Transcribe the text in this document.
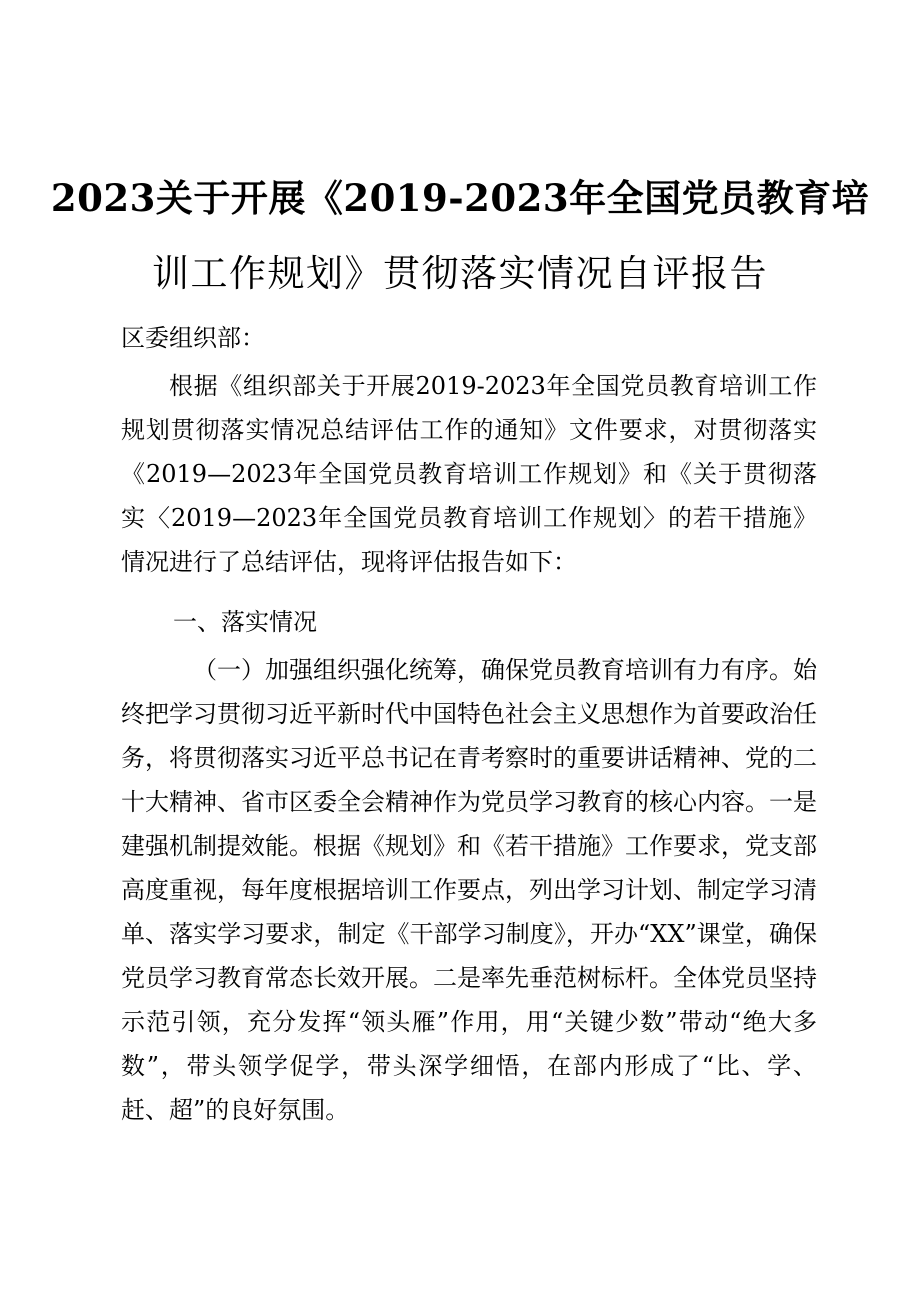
2023关于开展《2019-2023年全国党员教育培
训工作规划》贯彻落实情况自评报告
区委组织部：
根据《组织部关于开展2019-2023年全国党员教育培训工作规划贯彻落实情况总结评估工作的通知》文件要求，对贯彻落实《2019—2023年全国党员教育培训工作规划》和《关于贯彻落实〈2019—2023年全国党员教育培训工作规划〉的若干措施》情况进行了总结评估，现将评估报告如下：
一、落实情况
（一）加强组织强化统筹，确保党员教育培训有力有序。始终把学习贯彻习近平新时代中国特色社会主义思想作为首要政治任务，将贯彻落实习近平总书记在青考察时的重要讲话精神、党的二十大精神、省市区委全会精神作为党员学习教育的核心内容。一是建强机制提效能。根据《规划》和《若干措施》工作要求，党支部高度重视，每年度根据培训工作要点，列出学习计划、制定学习清单、落实学习要求，制定《干部学习制度》，开办“XX”课堂，确保党员学习教育常态长效开展。二是率先垂范树标杆。全体党员坚持示范引领，充分发挥“领头雁”作用，用“关键少数”带动“绝大多数”，带头领学促学，带头深学细悟，在部内形成了“比、学、赶、超”的良好氛围。
